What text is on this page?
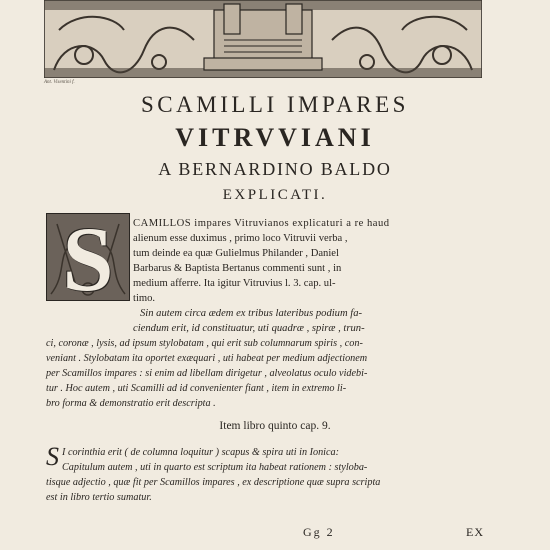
Ant. Visentini f.
SCAMILLI IMPARES
VITRVVIANI
A BERNARDINO BALDO
EXPLICATI.
S	CAMILLOS impares Vitruvianos explicaturi a re haud
alienum esse duximus , primo loco Vitruvii verba ,
tum deinde ea quæ Gulielmus Philander , Daniel
Barbarus & Baptista Bertanus commenti sunt , in
medium afferre. Ita igitur Vitruvius l. 3. cap. ul-
timo.
Sin autem circa ædem ex tribus lateribus podium fa-
ciendum erit, id constituatur, uti quadræ , spiræ , trun-
ci, coronæ , lysis, ad ipsum stylobatam , qui erit sub columnarum spiris , con-
veniant . Stylobatam ita oportet exæquari , uti habeat per medium adjectionem
per Scamillos impares : si enim ad libellam dirigetur , alveolatus oculo videbi-
tur . Hoc autem , uti Scamilli ad id convenienter fiant , item in extremo li-
bro forma & demonstratio erit descripta .
Item libro quinto cap. 9.
S I corinthia erit ( de columna loquitur ) scapus & spira uti in Ionica:
Capitulum autem , uti in quarto est scriptum ita habeat rationem : styloba-
tisque adjectio , quæ fit per Scamillos impares , ex descriptione quæ supra scripta
est in libro tertio sumatur.
Gg 2	EX
